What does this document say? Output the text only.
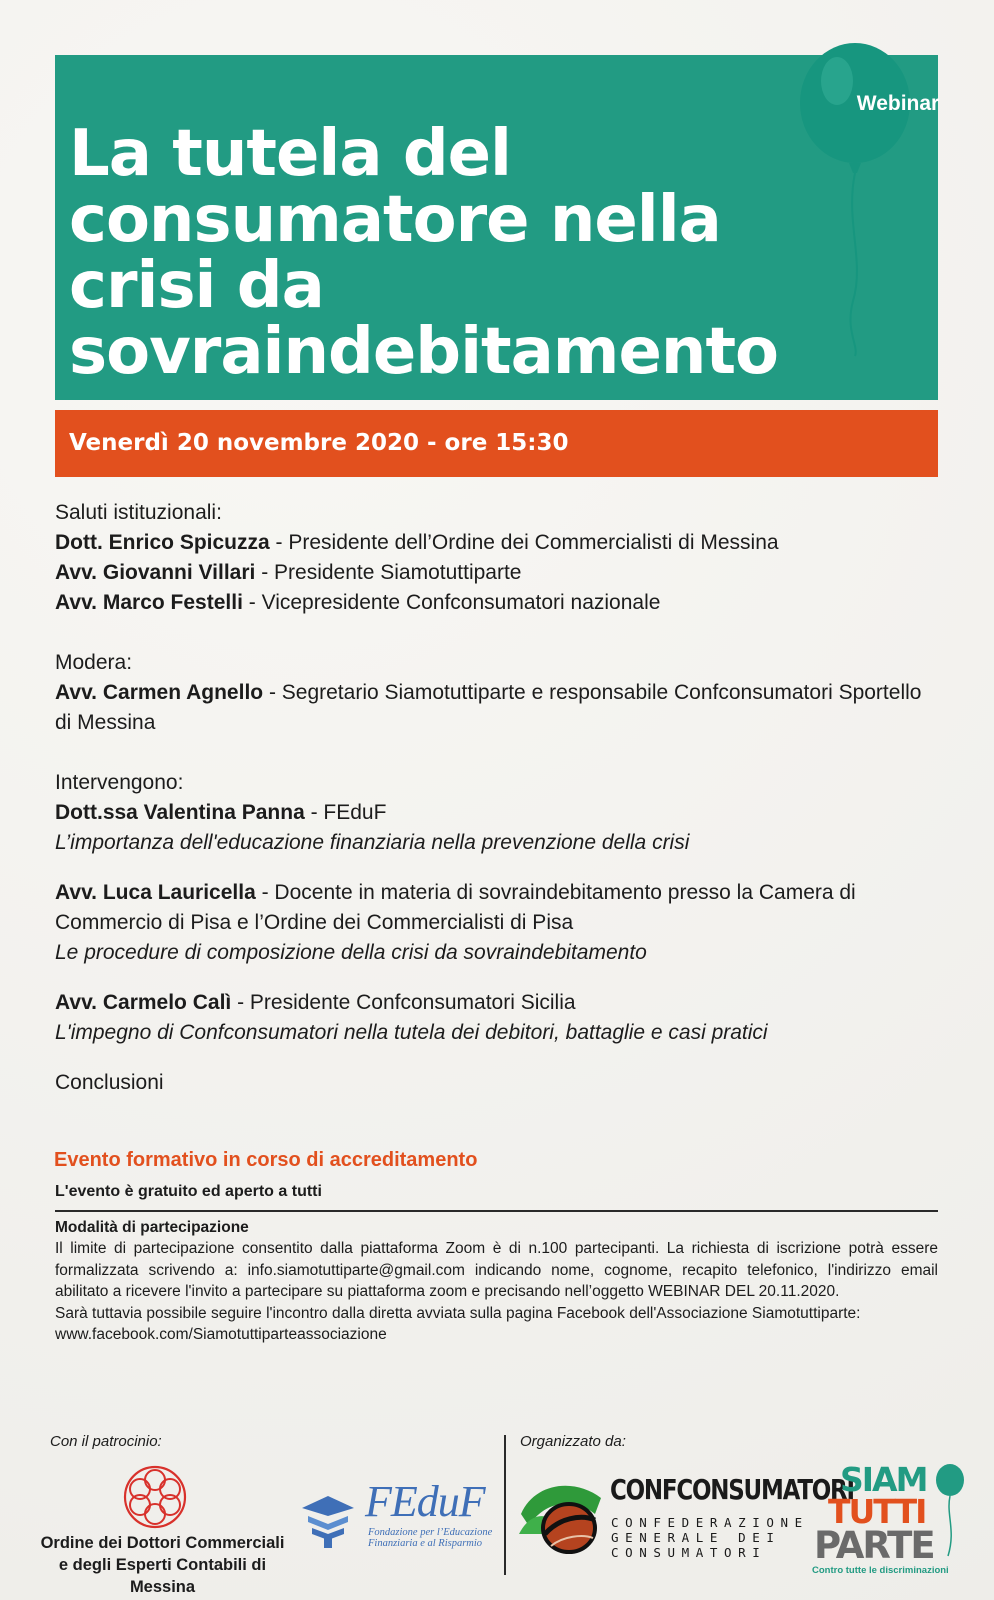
La tutela del consumatore nella crisi da sovraindebitamento
Webinar
Venerdì 20 novembre 2020 - ore 15:30
Saluti istituzionali:
Dott. Enrico Spicuzza - Presidente dell’Ordine dei Commercialisti di Messina
Avv. Giovanni Villari - Presidente Siamotuttiparte
Avv. Marco Festelli - Vicepresidente Confconsumatori nazionale
Modera:
Avv. Carmen Agnello - Segretario Siamotuttiparte e responsabile Confconsumatori Sportello di Messina
Intervengono:
Dott.ssa Valentina Panna - FEduF
L’importanza dell'educazione finanziaria nella prevenzione della crisi
Avv. Luca Lauricella - Docente in materia di sovraindebitamento presso la Camera di Commercio di Pisa e l’Ordine dei Commercialisti di Pisa
Le procedure di composizione della crisi da sovraindebitamento
Avv. Carmelo Calì - Presidente Confconsumatori Sicilia
L'impegno di Confconsumatori nella tutela dei debitori, battaglie e casi pratici
Conclusioni
Evento formativo in corso di accreditamento
L'evento è gratuito ed aperto a tutti
Modalità di partecipazione
Il limite di partecipazione consentito dalla piattaforma Zoom è di n.100 partecipanti. La richiesta di iscrizione potrà essere formalizzata scrivendo a: info.siamotuttiparte@gmail.com indicando nome, cognome, recapito telefonico, l'indirizzo email abilitato a ricevere l'invito a partecipare su piattaforma zoom e precisando nell’oggetto WEBINAR DEL 20.11.2020.
Sarà tuttavia possibile seguire l'incontro dalla diretta avviata sulla pagina Facebook dell'Associazione Siamotuttiparte:
www.facebook.com/Siamotuttiparteassociazione
Con il patrocinio:	Organizzato da:
Ordine dei Dottori Commerciali
e degli Esperti Contabili di Messina
FEduF
Fondazione per l’Educazione
Finanziaria e al Risparmio
CONFCONSUMATORI
CONFEDERAZIONE
GENERALE DEI
CONSUMATORI
SIAM
TUTTI
PARTE
Contro tutte le discriminazioni
